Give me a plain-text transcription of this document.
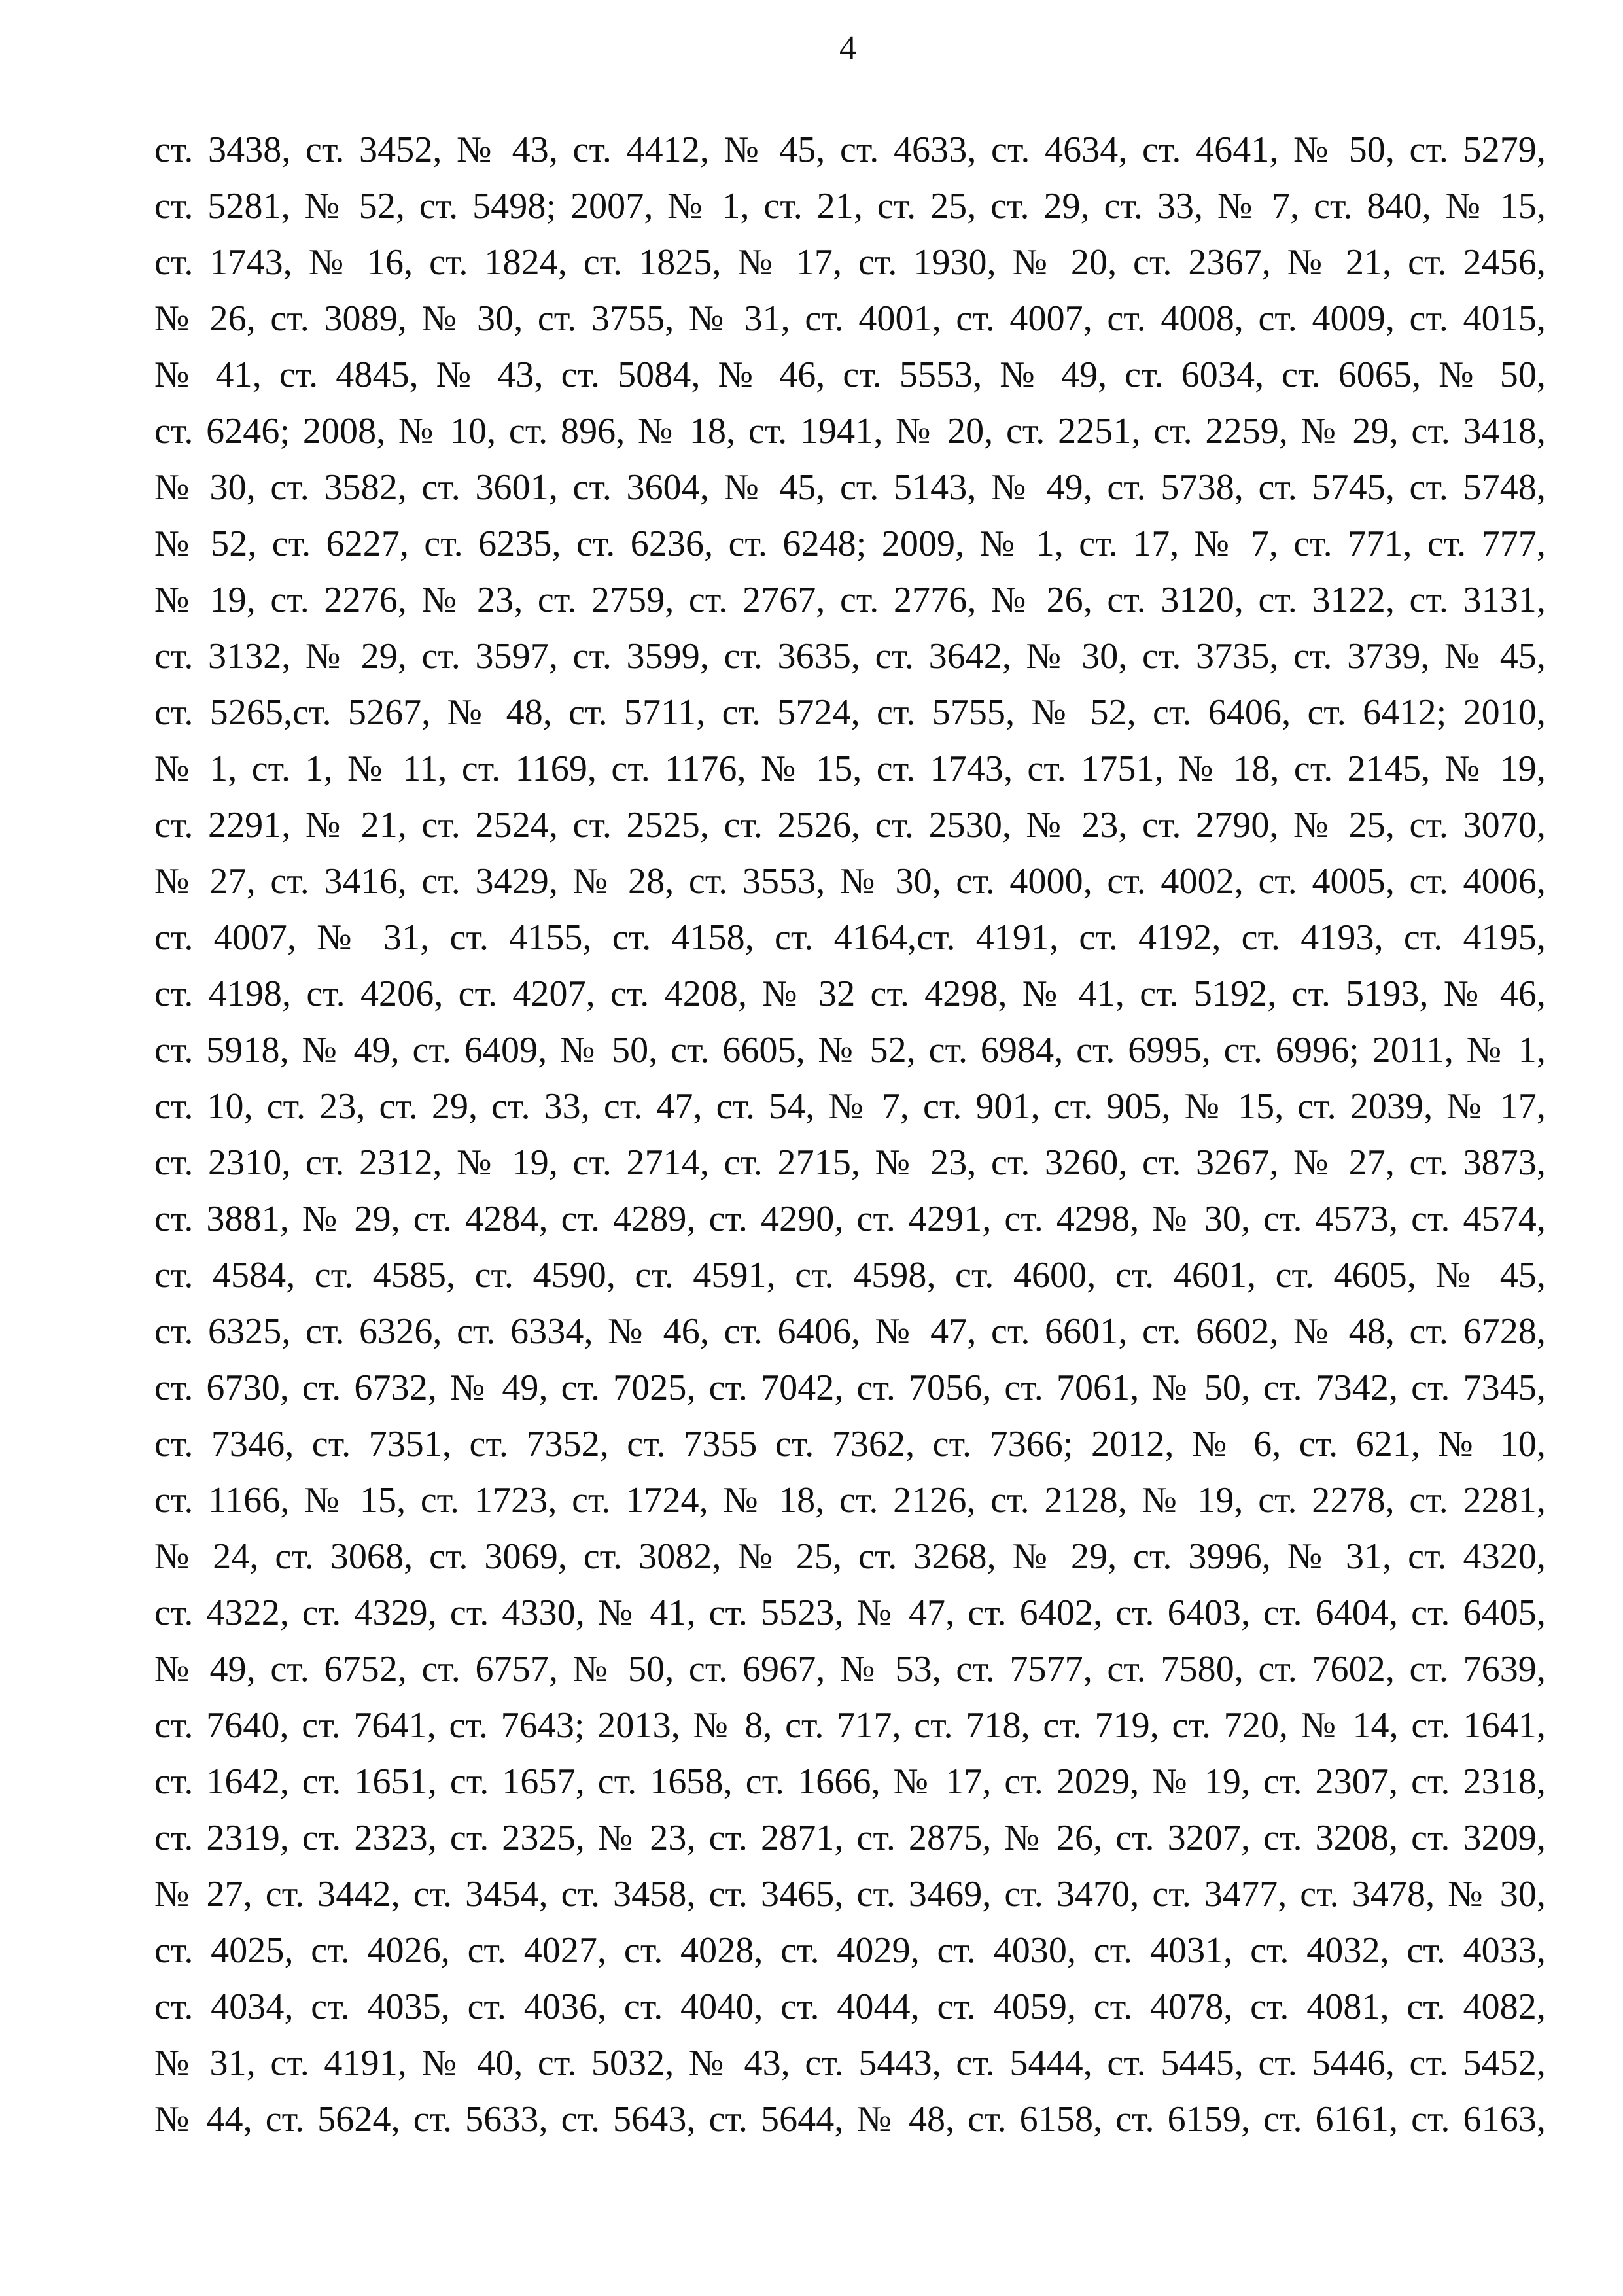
4
ст. 3438, ст. 3452, № 43, ст. 4412, № 45, ст. 4633, ст. 4634, ст. 4641, № 50, ст. 5279,
ст. 5281, № 52, ст. 5498; 2007, № 1, ст. 21, ст. 25, ст. 29, ст. 33, № 7, ст. 840, № 15,
ст. 1743, № 16, ст. 1824, ст. 1825, № 17, ст. 1930, № 20, ст. 2367, № 21, ст. 2456,
№ 26, ст. 3089, № 30, ст. 3755, № 31, ст. 4001, ст. 4007, ст. 4008, ст. 4009, ст. 4015,
№ 41, ст. 4845, № 43, ст. 5084, № 46, ст. 5553, № 49, ст. 6034, ст. 6065, № 50,
ст. 6246; 2008, № 10, ст. 896, № 18, ст. 1941, № 20, ст. 2251, ст. 2259, № 29, ст. 3418,
№ 30, ст. 3582, ст. 3601, ст. 3604, № 45, ст. 5143, № 49, ст. 5738, ст. 5745, ст. 5748,
№ 52, ст. 6227, ст. 6235, ст. 6236, ст. 6248; 2009, № 1, ст. 17, № 7, ст. 771, ст. 777,
№ 19, ст. 2276, № 23, ст. 2759, ст. 2767, ст. 2776, № 26, ст. 3120, ст. 3122, ст. 3131,
ст. 3132, № 29, ст. 3597, ст. 3599, ст. 3635, ст. 3642, № 30, ст. 3735, ст. 3739, № 45,
ст. 5265,ст. 5267, № 48, ст. 5711, ст. 5724, ст. 5755, № 52, ст. 6406, ст. 6412; 2010,
№ 1, ст. 1, № 11, ст. 1169, ст. 1176, № 15, ст. 1743, ст. 1751, № 18, ст. 2145, № 19,
ст. 2291, № 21, ст. 2524, ст. 2525, ст. 2526, ст. 2530, № 23, ст. 2790, № 25, ст. 3070,
№ 27, ст. 3416, ст. 3429, № 28, ст. 3553, № 30, ст. 4000, ст. 4002, ст. 4005, ст. 4006,
ст. 4007, № 31, ст. 4155, ст. 4158, ст. 4164,ст. 4191, ст. 4192, ст. 4193, ст. 4195,
ст. 4198, ст. 4206, ст. 4207, ст. 4208, № 32 ст. 4298, № 41, ст. 5192, ст. 5193, № 46,
ст. 5918, № 49, ст. 6409, № 50, ст. 6605, № 52, ст. 6984, ст. 6995, ст. 6996; 2011, № 1,
ст. 10, ст. 23, ст. 29, ст. 33, ст. 47, ст. 54, № 7, ст. 901, ст. 905, № 15, ст. 2039, № 17,
ст. 2310, ст. 2312, № 19, ст. 2714, ст. 2715, № 23, ст. 3260, ст. 3267, № 27, ст. 3873,
ст. 3881, № 29, ст. 4284, ст. 4289, ст. 4290, ст. 4291, ст. 4298, № 30, ст. 4573, ст. 4574,
ст. 4584, ст. 4585, ст. 4590, ст. 4591, ст. 4598, ст. 4600, ст. 4601, ст. 4605, № 45,
ст. 6325, ст. 6326, ст. 6334, № 46, ст. 6406, № 47, ст. 6601, ст. 6602, № 48, ст. 6728,
ст. 6730, ст. 6732, № 49, ст. 7025, ст. 7042, ст. 7056, ст. 7061, № 50, ст. 7342, ст. 7345,
ст. 7346, ст. 7351, ст. 7352, ст. 7355 ст. 7362, ст. 7366; 2012, № 6, ст. 621, № 10,
ст. 1166, № 15, ст. 1723, ст. 1724, № 18, ст. 2126, ст. 2128, № 19, ст. 2278, ст. 2281,
№ 24, ст. 3068, ст. 3069, ст. 3082, № 25, ст. 3268, № 29, ст. 3996, № 31, ст. 4320,
ст. 4322, ст. 4329, ст. 4330, № 41, ст. 5523, № 47, ст. 6402, ст. 6403, ст. 6404, ст. 6405,
№ 49, ст. 6752, ст. 6757, № 50, ст. 6967, № 53, ст. 7577, ст. 7580, ст. 7602, ст. 7639,
ст. 7640, ст. 7641, ст. 7643; 2013, № 8, ст. 717, ст. 718, ст. 719, ст. 720, № 14, ст. 1641,
ст. 1642, ст. 1651, ст. 1657, ст. 1658, ст. 1666, № 17, ст. 2029, № 19, ст. 2307, ст. 2318,
ст. 2319, ст. 2323, ст. 2325, № 23, ст. 2871, ст. 2875, № 26, ст. 3207, ст. 3208, ст. 3209,
№ 27, ст. 3442, ст. 3454, ст. 3458, ст. 3465, ст. 3469, ст. 3470, ст. 3477, ст. 3478, № 30,
ст. 4025, ст. 4026, ст. 4027, ст. 4028, ст. 4029, ст. 4030, ст. 4031, ст. 4032, ст. 4033,
ст. 4034, ст. 4035, ст. 4036, ст. 4040, ст. 4044, ст. 4059, ст. 4078, ст. 4081, ст. 4082,
№ 31, ст. 4191, № 40, ст. 5032, № 43, ст. 5443, ст. 5444, ст. 5445, ст. 5446, ст. 5452,
№ 44, ст. 5624, ст. 5633, ст. 5643, ст. 5644, № 48, ст. 6158, ст. 6159, ст. 6161, ст. 6163,
